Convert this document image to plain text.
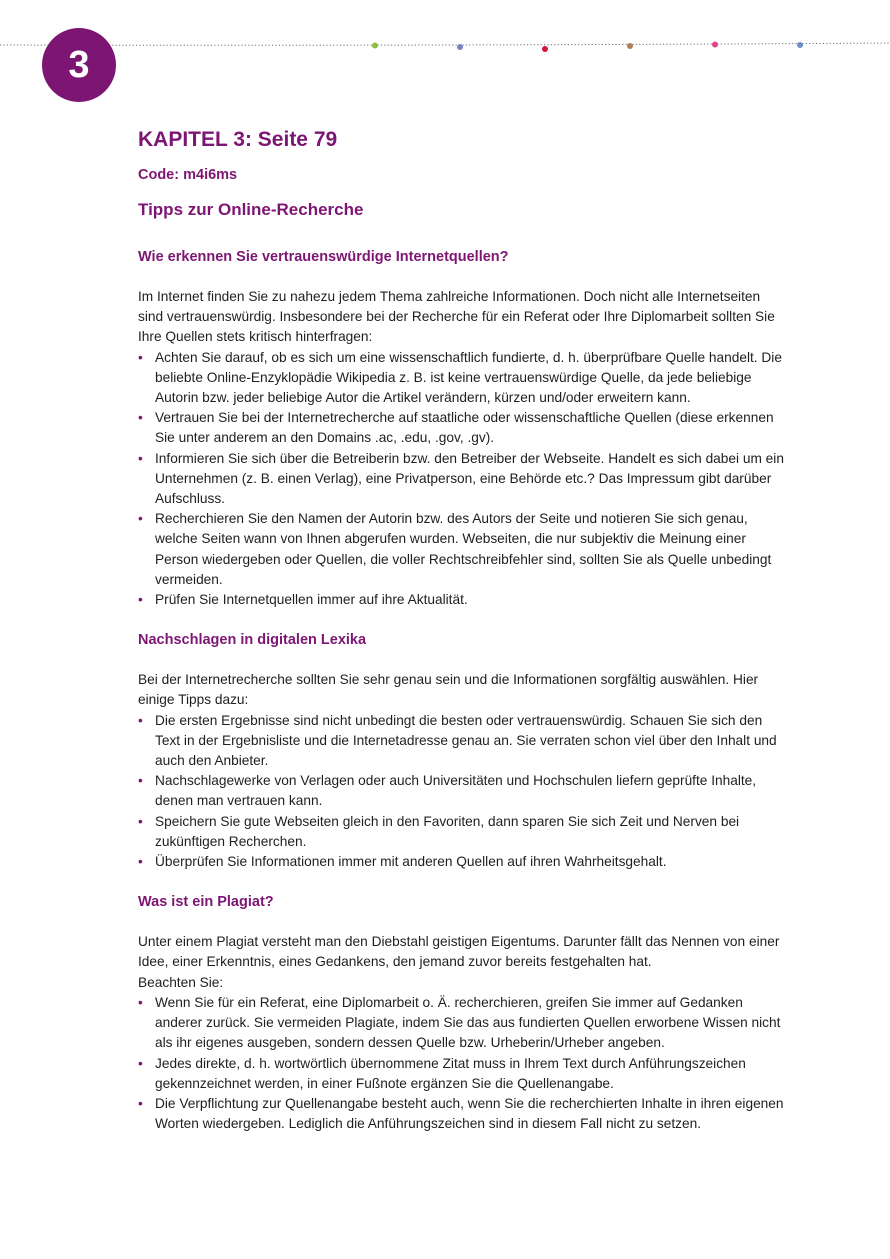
3
KAPITEL 3: Seite 79
Code: m4i6ms
Tipps zur Online-Recherche
Wie erkennen Sie vertrauenswürdige Internetquellen?

Im Internet finden Sie zu nahezu jedem Thema zahlreiche Informationen. Doch nicht alle Internetseiten sind vertrauenswürdig. Insbesondere bei der Recherche für ein Referat oder Ihre Diplomarbeit sollten Sie Ihre Quellen stets kritisch hinterfragen:

• Achten Sie darauf, ob es sich um eine wissenschaftlich fundierte, d. h. überprüfbare Quelle handelt. Die beliebte Online-Enzyklopädie Wikipedia z. B. ist keine vertrauenswürdige Quelle, da jede beliebige Autorin bzw. jeder beliebige Autor die Artikel verändern, kürzen und/oder erweitern kann.
• Vertrauen Sie bei der Internetrecherche auf staatliche oder wissenschaftliche Quellen (diese erkennen Sie unter anderem an den Domains .ac, .edu, .gov, .gv).
• Informieren Sie sich über die Betreiberin bzw. den Betreiber der Webseite. Handelt es sich dabei um ein Unternehmen (z. B. einen Verlag), eine Privatperson, eine Behörde etc.? Das Impressum gibt darüber Aufschluss.
• Recherchieren Sie den Namen der Autorin bzw. des Autors der Seite und notieren Sie sich genau, welche Seiten wann von Ihnen abgerufen wurden. Webseiten, die nur subjektiv die Meinung einer Person wiedergeben oder Quellen, die voller Rechtschreibfehler sind, sollten Sie als Quelle unbedingt vermeiden.
• Prüfen Sie Internetquellen immer auf ihre Aktualität.
Nachschlagen in digitalen Lexika

Bei der Internetrecherche sollten Sie sehr genau sein und die Informationen sorgfältig auswählen. Hier einige Tipps dazu:

• Die ersten Ergebnisse sind nicht unbedingt die besten oder vertrauenswürdig. Schauen Sie sich den Text in der Ergebnisliste und die Internetadresse genau an. Sie verraten schon viel über den Inhalt und auch den Anbieter.
• Nachschlagewerke von Verlagen oder auch Universitäten und Hochschulen liefern geprüfte Inhalte, denen man vertrauen kann.
• Speichern Sie gute Webseiten gleich in den Favoriten, dann sparen Sie sich Zeit und Nerven bei zukünftigen Recherchen.
• Überprüfen Sie Informationen immer mit anderen Quellen auf ihren Wahrheitsgehalt.
Was ist ein Plagiat?

Unter einem Plagiat versteht man den Diebstahl geistigen Eigentums. Darunter fällt das Nennen von einer Idee, einer Erkenntnis, eines Gedankens, den jemand zuvor bereits festgehalten hat.

Beachten Sie:

• Wenn Sie für ein Referat, eine Diplomarbeit o. Ä. recherchieren, greifen Sie immer auf Gedanken anderer zurück. Sie vermeiden Plagiate, indem Sie das aus fundierten Quellen erworbene Wissen nicht als ihr eigenes ausgeben, sondern dessen Quelle bzw. Urheberin/Urheber angeben.
• Jedes direkte, d. h. wortwörtlich übernommene Zitat muss in Ihrem Text durch Anführungszeichen gekennzeichnet werden, in einer Fußnote ergänzen Sie die Quellenangabe.
• Die Verpflichtung zur Quellenangabe besteht auch, wenn Sie die recherchierten Inhalte in ihren eigenen Worten wiedergeben. Lediglich die Anführungszeichen sind in diesem Fall nicht zu setzen.
